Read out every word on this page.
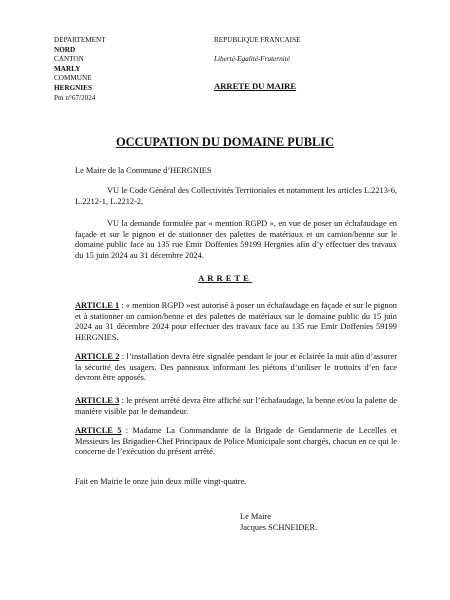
DEPARTEMENT
NORD
CANTON
MARLY
COMMUNE
HERGNIES
Pm n°67/2024
REPUBLIQUE FRANCAISE
Liberté-Egalité-Fraternité
ARRETE DU MAIRE
OCCUPATION DU DOMAINE PUBLIC
Le Maire de la Commune d’HERGNIES
VU le Code Général des Collectivités Territoriales et notamment les articles L.2213-6, L.2212-1, L.2212-2,
VU la demande formulée par « mention RGPD », en vue de poser un échafaudage en façade et sur le pignon et de stationner des palettes de matériaux et un camion/benne sur le domaine public face au 135 rue Emir Doffenies 59199 Hergnies afin d’y effectuer des travaux du 15 juin 2024 au 31 décembre 2024.
ARRETE
ARTICLE 1 : « mention RGPD »est autorisé à poser un échafaudage en façade et sur le pignon et à stationner un camion/benne et des palettes de matériaux sur le domaine public du 15 juin 2024 au 31 décembre 2024 pour effectuer des travaux face au 135 rue Emir Doffenies 59199 HERGNIES.
ARTICLE 2 : l’installation devra être signalée pendant le jour et éclairée la nuit afin d’assurer la sécurité des usagers. Des panneaux informant les piétons d’utiliser le trottoirs d’en face devront être apposés.
ARTICLE 3 : le présent arrêté devra être affiché sur l’échafaudage, la benne et/ou la palette de manière visible par le demandeur.
ARTICLE 5 : Madame La Commandante de la Brigade de Gendarmerie de Lecelles et Messieurs les Brigadier-Chef Principaux de Police Municipale sont chargés, chacun en ce qui le concerne de l’exécution du présent arrêté.
Fait en Mairie le onze juin deux mille vingt-quatre.
Le Maire
Jacques SCHNEIDER.
